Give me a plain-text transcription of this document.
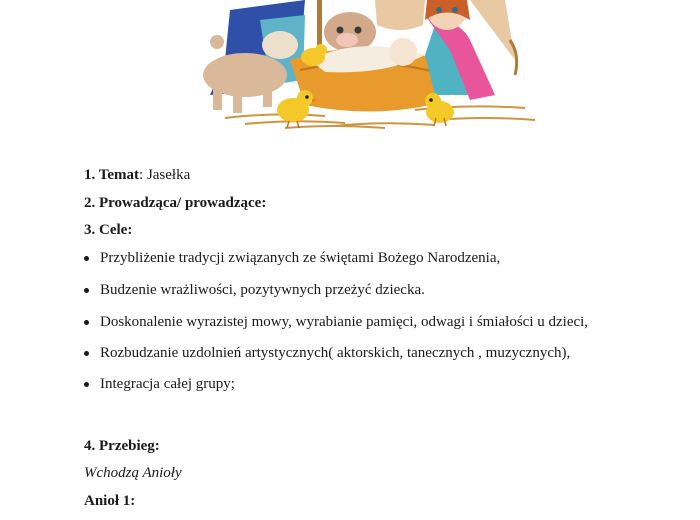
1. Temat: Jasełka
2. Prowadząca/ prowadzące:
3. Cele:
Przybliżenie tradycji związanych ze świętami Bożego Narodzenia,
Budzenie wrażliwości, pozytywnych przeżyć dziecka.
Doskonalenie wyrazistej mowy, wyrabianie pamięci, odwagi i śmiałości u dzieci,
Rozbudzanie uzdolnień artystycznych( aktorskich, tanecznych , muzycznych),
Integracja całej grupy;
4. Przebieg:
Wchodzą Anioły
Anioł 1:
